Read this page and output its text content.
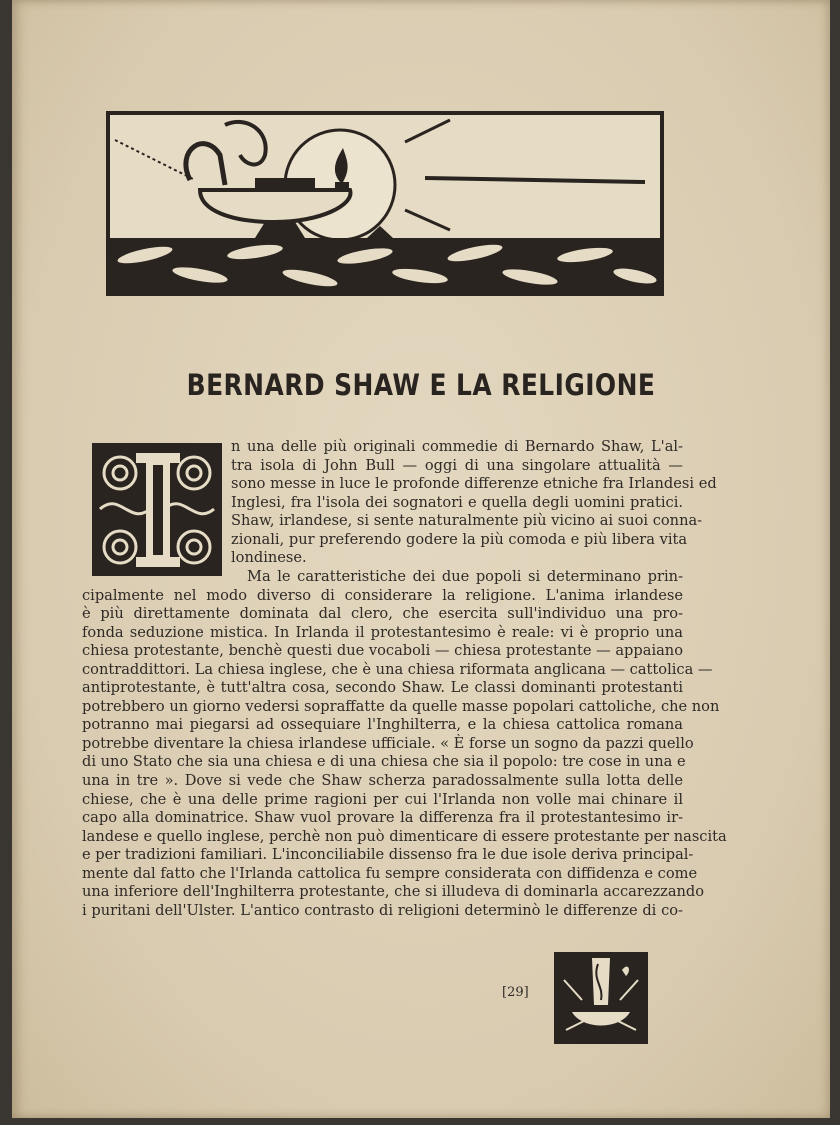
BERNARD SHAW E LA RELIGIONE
n una delle più originali commedie di Bernardo Shaw, L'al-
tra isola di John Bull — oggi di una singolare attualità —
sono messe in luce le profonde differenze etniche fra Irlandesi ed
Inglesi, fra l'isola dei sognatori e quella degli uomini pratici.
Shaw, irlandese, si sente naturalmente più vicino ai suoi conna-
zionali, pur preferendo godere la più comoda e più libera vita
londinese.
Ma le caratteristiche dei due popoli si determinano prin-
cipalmente nel modo diverso di considerare la religione. L'anima irlandese
è più direttamente dominata dal clero, che esercita sull'individuo una pro-
fonda seduzione mistica. In Irlanda il protestantesimo è reale: vi è proprio una
chiesa protestante, benchè questi due vocaboli — chiesa protestante — appaiano
contraddittori. La chiesa inglese, che è una chiesa riformata anglicana — cattolica —
antiprotestante, è tutt'altra cosa, secondo Shaw. Le classi dominanti protestanti
potrebbero un giorno vedersi sopraffatte da quelle masse popolari cattoliche, che non
potranno mai piegarsi ad ossequiare l'Inghilterra, e la chiesa cattolica romana
potrebbe diventare la chiesa irlandese ufficiale. « È forse un sogno da pazzi quello
di uno Stato che sia una chiesa e di una chiesa che sia il popolo: tre cose in una e
una in tre ». Dove si vede che Shaw scherza paradossalmente sulla lotta delle
chiese, che è una delle prime ragioni per cui l'Irlanda non volle mai chinare il
capo alla dominatrice. Shaw vuol provare la differenza fra il protestantesimo ir-
landese e quello inglese, perchè non può dimenticare di essere protestante per nascita
e per tradizioni familiari. L'inconciliabile dissenso fra le due isole deriva principal-
mente dal fatto che l'Irlanda cattolica fu sempre considerata con diffidenza e come
una inferiore dell'Inghilterra protestante, che si illudeva di dominarla accarezzando
i puritani dell'Ulster. L'antico contrasto di religioni determinò le differenze di co-
[29]
